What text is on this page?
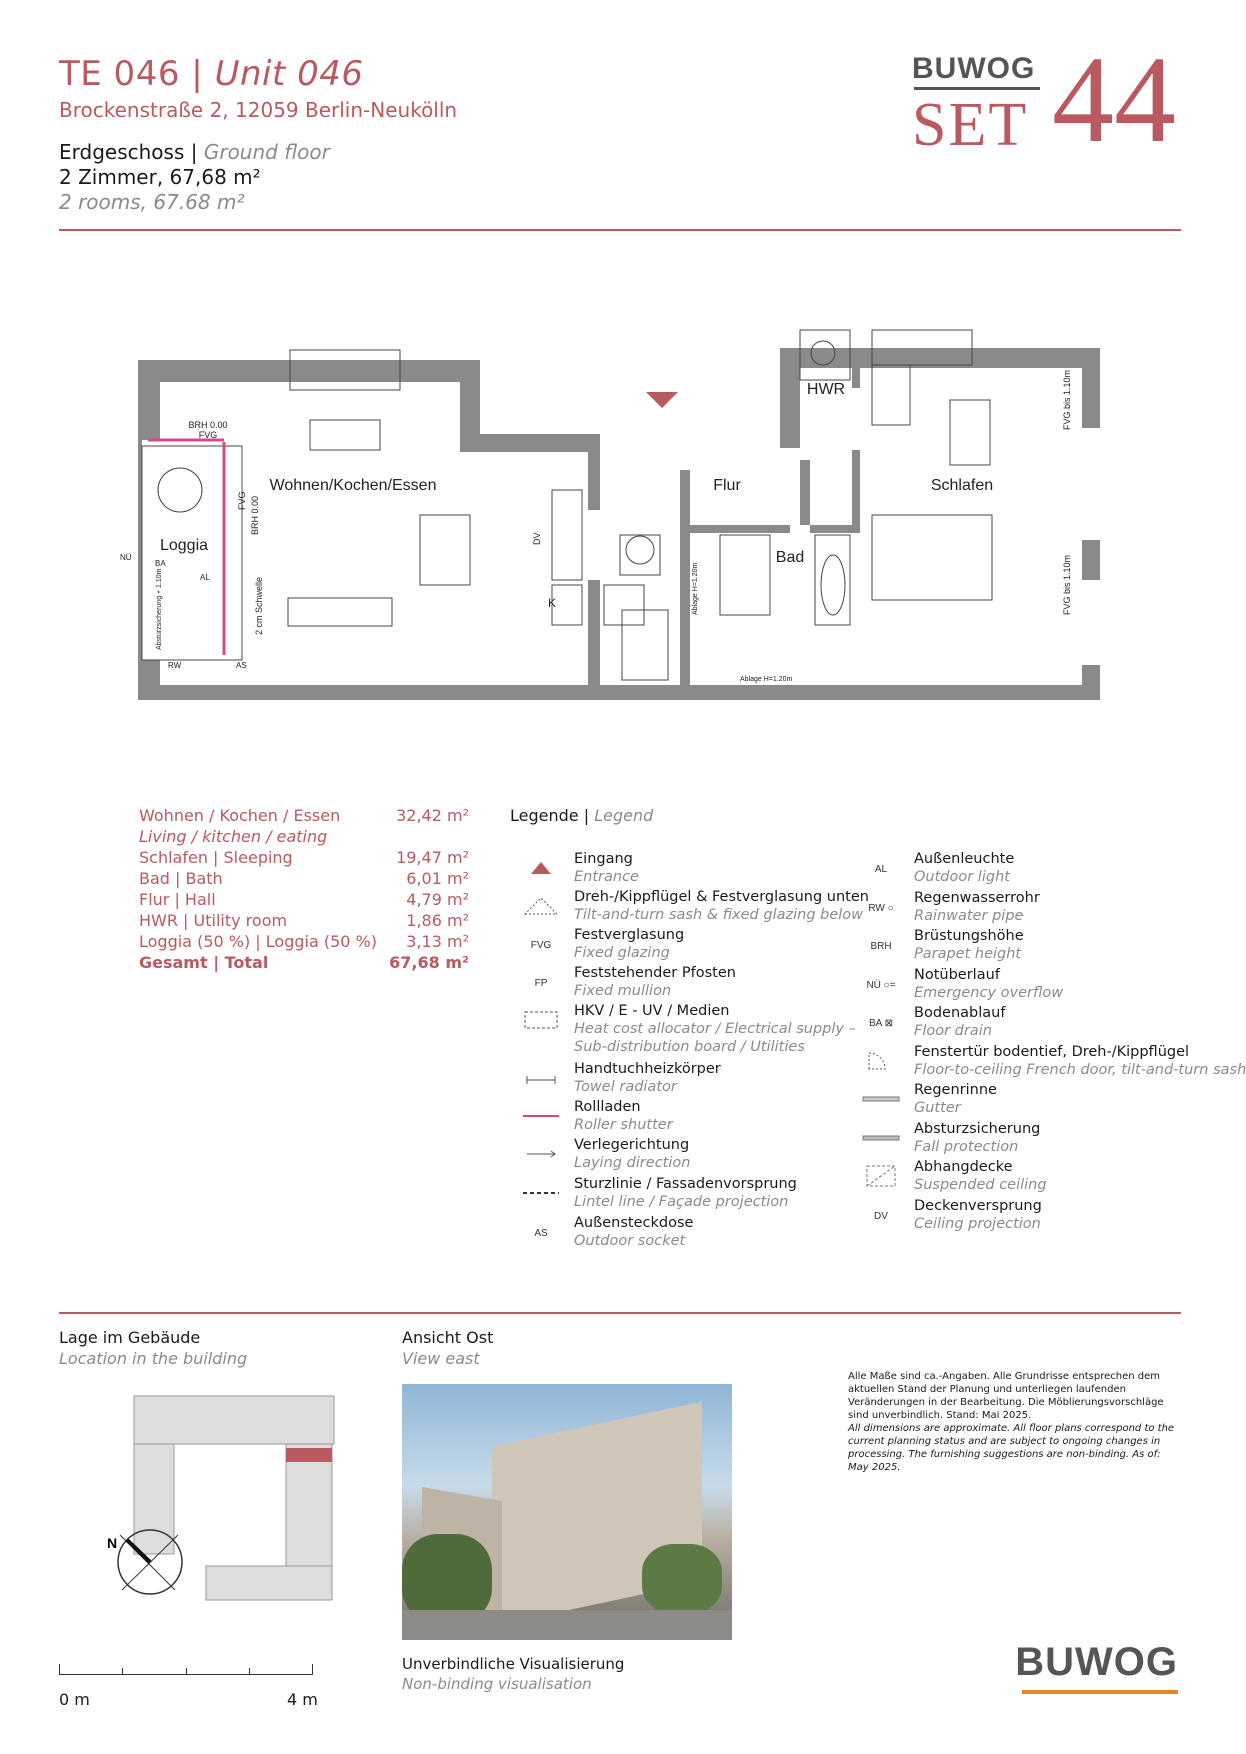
TE 046 | Unit 046
Brockenstraße 2, 12059 Berlin-Neukölln
Erdgeschoss | Ground floor
2 Zimmer, 67,68 m²
2 rooms, 67.68 m²
BUWOG
SET 44
Wohnen/Kochen/Essen
Loggia
HWR
Flur
Bad
Schlafen
BRH 0.00
FVG
FVG BRH 0.00
2 cm Schwelle
DV
FVG bis 1.10m
FVG bis 1.10m
Ablage H=1.20m
Ablage H=1.20m
NÜ
BA
AL
RW	AS
K
Absturzsicherung + 1.10m
Wohnen / Kochen / Essen	32,42 m²
Living / kitchen / eating
Schlafen | Sleeping	19,47 m²
Bad | Bath	6,01 m²
Flur | Hall	4,79 m²
HWR | Utility room	1,86 m²
Loggia (50 %) | Loggia (50 %) 3,13 m²
Gesamt | Total	67,68 m²
Legende | Legend
Eingang
Entrance
Dreh-/Kippflügel & Festverglasung unten
Tilt-and-turn sash & fixed glazing below
FVG
Festverglasung
Fixed glazing
FP
Feststehender Pfosten
Fixed mullion
HKV / E - UV / Medien
Heat cost allocator / Electrical supply –
Sub-distribution board / Utilities
Handtuchheizkörper
Towel radiator
Rollladen
Roller shutter
Verlegerichtung
Laying direction
Sturzlinie / Fassadenvorsprung
Lintel line / Façade projection
AS
Außensteckdose
Outdoor socket
AL
Außenleuchte
Outdoor light
RW ○
Regenwasserrohr
Rainwater pipe
BRH
Brüstungshöhe
Parapet height
NÜ ○=
Notüberlauf
Emergency overflow
BA ⊠
Bodenablauf
Floor drain
Fenstertür bodentief, Dreh-/Kippflügel
Floor-to-ceiling French door, tilt-and-turn sash
Regenrinne
Gutter
Absturzsicherung
Fall protection
Abhangdecke
Suspended ceiling
DV
Deckenversprung
Ceiling projection
Lage im Gebäude
Location in the building
N
Ansicht Ost
View east
Unverbindliche Visualisierung
Non-binding visualisation
Alle Maße sind ca.-Angaben. Alle Grundrisse entsprechen dem aktuellen Stand der Planung und unterliegen laufenden Veränderungen in der Bearbeitung. Die Möblierungsvorschläge sind unverbindlich. Stand: Mai 2025.
All dimensions are approximate. All floor plans correspond to the current planning status and are subject to ongoing changes in processing. The furnishing suggestions are non-binding. As of: May 2025.
0 m	4 m
BUWOG
